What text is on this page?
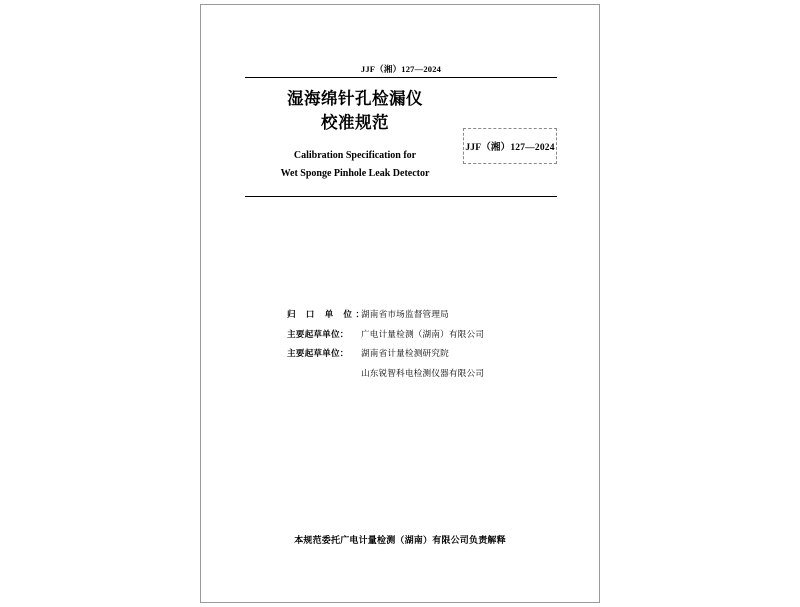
JJF（湘）127—2024
湿海绵针孔检漏仪
校准规范
Calibration Specification for
Wet Sponge Pinhole Leak Detector
JJF（湘）127—2024
归 口 单 位：
湖南省市场监督管理局
主要起草单位：	广电计量检测（湖南）有限公司
主要起草单位：	湖南省计量检测研究院
山东锐智科电检测仪器有限公司
本规范委托广电计量检测（湖南）有限公司负责解释
